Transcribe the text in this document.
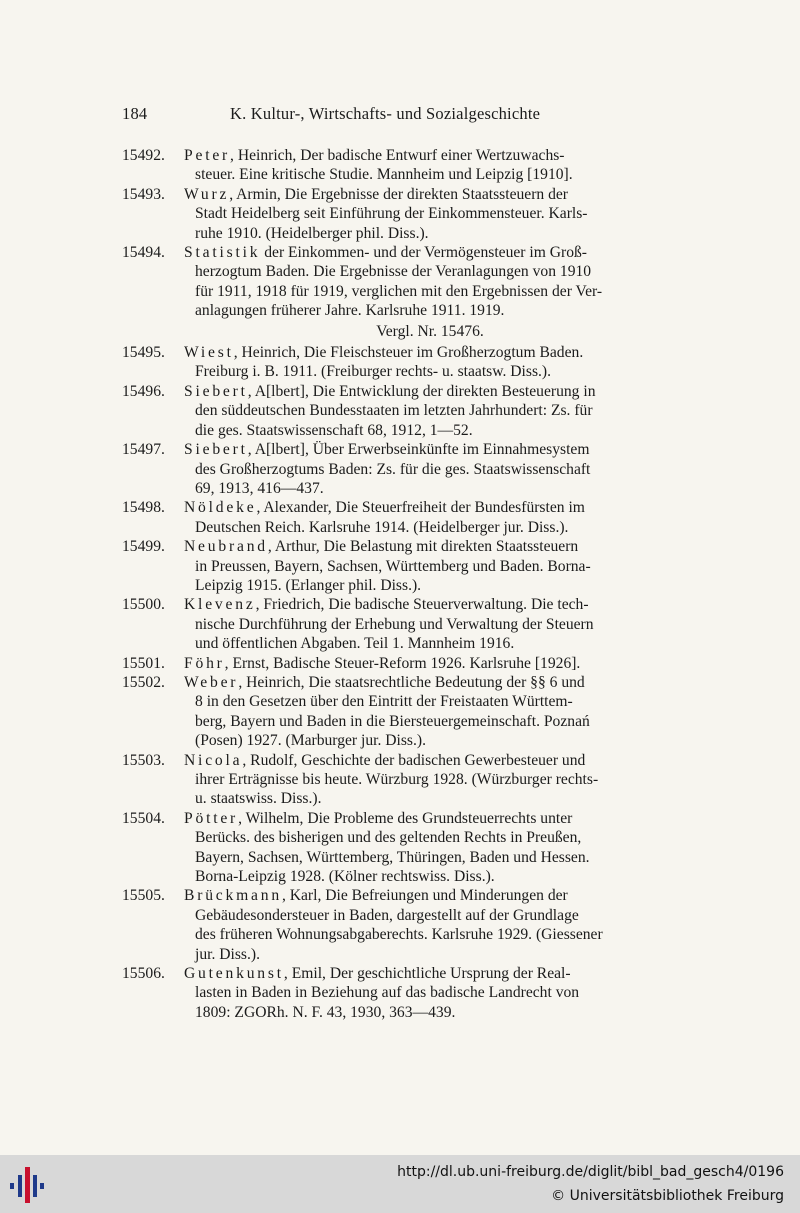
184	K. Kultur-, Wirtschafts- und Sozialgeschichte
15492.	Peter, Heinrich, Der badische Entwurf einer Wertzuwachs-
steuer. Eine kritische Studie. Mannheim und Leipzig [1910].
15493.	Wurz, Armin, Die Ergebnisse der direkten Staatssteuern der
Stadt Heidelberg seit Einführung der Einkommensteuer. Karls-
ruhe 1910. (Heidelberger phil. Diss.).
15494.	Statistik der Einkommen- und der Vermögensteuer im Groß-
herzogtum Baden. Die Ergebnisse der Veranlagungen von 1910
für 1911, 1918 für 1919, verglichen mit den Ergebnissen der Ver-
anlagungen früherer Jahre. Karlsruhe 1911. 1919.
Vergl. Nr. 15476.
15495.	Wiest, Heinrich, Die Fleischsteuer im Großherzogtum Baden.
Freiburg i. B. 1911. (Freiburger rechts- u. staatsw. Diss.).
15496.	Siebert, A[lbert], Die Entwicklung der direkten Besteuerung in
den süddeutschen Bundesstaaten im letzten Jahrhundert: Zs. für
die ges. Staatswissenschaft 68, 1912, 1—52.
15497.	Siebert, A[lbert], Über Erwerbseinkünfte im Einnahmesystem
des Großherzogtums Baden: Zs. für die ges. Staatswissenschaft
69, 1913, 416—437.
15498.	Nöldeke, Alexander, Die Steuerfreiheit der Bundesfürsten im
Deutschen Reich. Karlsruhe 1914. (Heidelberger jur. Diss.).
15499.	Neubrand, Arthur, Die Belastung mit direkten Staatssteuern
in Preussen, Bayern, Sachsen, Württemberg und Baden. Borna-
Leipzig 1915. (Erlanger phil. Diss.).
15500.	Klevenz, Friedrich, Die badische Steuerverwaltung. Die tech-
nische Durchführung der Erhebung und Verwaltung der Steuern
und öffentlichen Abgaben. Teil 1. Mannheim 1916.
15501.	Föhr, Ernst, Badische Steuer-Reform 1926. Karlsruhe [1926].
15502.	Weber, Heinrich, Die staatsrechtliche Bedeutung der §§ 6 und
8 in den Gesetzen über den Eintritt der Freistaaten Württem-
berg, Bayern und Baden in die Biersteuergemeinschaft. Poznań
(Posen) 1927. (Marburger jur. Diss.).
15503.	Nicola, Rudolf, Geschichte der badischen Gewerbesteuer und
ihrer Erträgnisse bis heute. Würzburg 1928. (Würzburger rechts-
u. staatswiss. Diss.).
15504.	Pötter, Wilhelm, Die Probleme des Grundsteuerrechts unter
Berücks. des bisherigen und des geltenden Rechts in Preußen,
Bayern, Sachsen, Württemberg, Thüringen, Baden und Hessen.
Borna-Leipzig 1928. (Kölner rechtswiss. Diss.).
15505.	Brückmann, Karl, Die Befreiungen und Minderungen der
Gebäudesondersteuer in Baden, dargestellt auf der Grundlage
des früheren Wohnungsabgaberechts. Karlsruhe 1929. (Giessener
jur. Diss.).
15506.	Gutenkunst, Emil, Der geschichtliche Ursprung der Real-
lasten in Baden in Beziehung auf das badische Landrecht von
1809: ZGORh. N. F. 43, 1930, 363—439.
http://dl.ub.uni-freiburg.de/diglit/bibl_bad_gesch4/0196
© Universitätsbibliothek Freiburg
